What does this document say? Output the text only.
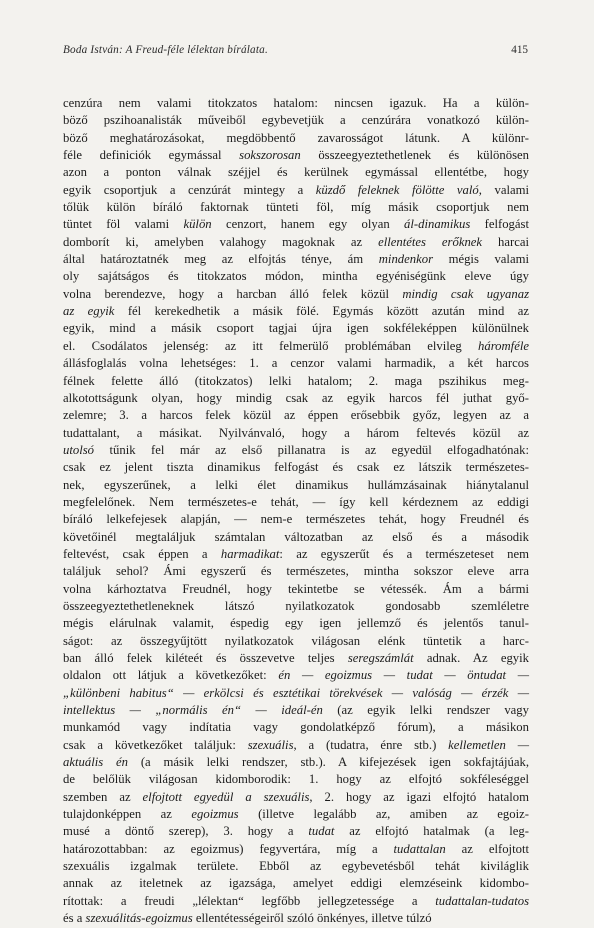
Boda István: A Freud-féle lélektan bírálata.	415
cenzúra nem valami titokzatos hatalom: nincsen igazuk. Ha a külön-
böző pszihoanalisták műveiből egybevetjük a cenzúrára vonatkozó külön-
böző meghatározásokat, megdöbbentő zavarosságot látunk. A különr-
féle definiciók egymással sokszorosan összeegyeztethetlenek és különösen
azon a ponton válnak széjjel és kerülnek egymással ellentétbe, hogy
egyik csoportjuk a cenzúrát mintegy a küzdő feleknek fölötte való, valami
tőlük külön bíráló faktornak tünteti föl, míg másik csoportjuk nem
tüntet föl valami külön cenzort, hanem egy olyan ál-dinamikus felfogást
domborít ki, amelyben valahogy magoknak az ellentétes erőknek harcai
által határoztatnék meg az elfojtás ténye, ám mindenkor mégis valami
oly sajátságos és titokzatos módon, mintha egyéniségünk eleve úgy
volna berendezve, hogy a harcban álló felek közül mindig csak ugyanaz
az egyik fél kerekedhetik a másik fölé. Egymás között azután mind az
egyik, mind a másik csoport tagjai újra igen sokféleképpen különülnek
el. Csodálatos jelenség: az itt felmerülő problémában elvileg háromféle
állásfoglalás volna lehetséges: 1. a cenzor valami harmadik, a két harcos
félnek felette álló (titokzatos) lelki hatalom; 2. maga pszihikus meg-
alkotottságunk olyan, hogy mindig csak az egyik harcos fél juthat győ-
zelemre; 3. a harcos felek közül az éppen erősebbik győz, legyen az a
tudattalant, a másikat. Nyilvánvaló, hogy a három feltevés közül az
utolsó tűnik fel már az első pillanatra is az egyedül elfogadhatónak:
csak ez jelent tiszta dinamikus felfogást és csak ez látszik természetes-
nek, egyszerűnek, a lelki élet dinamikus hullámzásainak hiánytalanul
megfelelőnek. Nem természetes-e tehát, — így kell kérdeznem az eddigi
bíráló lelkefejesek alapján, — nem-e természetes tehát, hogy Freudnél és
követőinél megtaláljuk számtalan változatban az első és a második
feltevést, csak éppen a harmadikat: az egyszerűt és a természeteset nem
találjuk sehol? Ámi egyszerű és természetes, mintha sokszor eleve arra
volna kárhoztatva Freudnél, hogy tekintetbe se vétessék. Ám a bármi
összeegyeztethetleneknek látszó nyilatkozatok gondosabb szemléletre
mégis elárulnak valamit, éspedig egy igen jellemző és jelentős tanul-
ságot: az összegyűjtött nyilatkozatok világosan elénk tüntetik a harc-
ban álló felek kiléteét és összevetve teljes seregszámlát adnak. Az egyik
oldalon ott látjuk a következőket: én — egoizmus — tudat — öntudat —
„különbeni habitus“ — erkölcsi és esztétikai törekvések — valóság — érzék —
intellektus — „normális én“ — ideál-én (az egyik lelki rendszer vagy
munkamód vagy indítatia vagy gondolatképző fórum), a másikon
csak a következőket találjuk: szexuális, a (tudatra, énre stb.) kellemetlen —
aktuális én (a másik lelki rendszer, stb.). A kifejezések igen sokfajtájúak,
de belőlük világosan kidomborodik: 1. hogy az elfojtó sokféleséggel
szemben az elfojtott egyedül a szexuális, 2. hogy az igazi elfojtó hatalom
tulajdonképpen az egoizmus (illetve legalább az, amiben az egoiz-
musé a döntő szerep), 3. hogy a tudat az elfojtó hatalmak (a leg-
határozottabban: az egoizmus) fegyvertára, míg a tudattalan az elfojtott
szexuális izgalmak területe. Ebből az egybevetésből tehát kiviláglik
annak az iteletnek az igazsága, amelyet eddigi elemzéseink kidombo-
rítottak: a freudi „lélektan“ legfőbb jellegzetessége a tudattalan-tudatos
és a szexuálitás-egoizmus ellentétességeiről szóló önkényes, illetve túlzó
